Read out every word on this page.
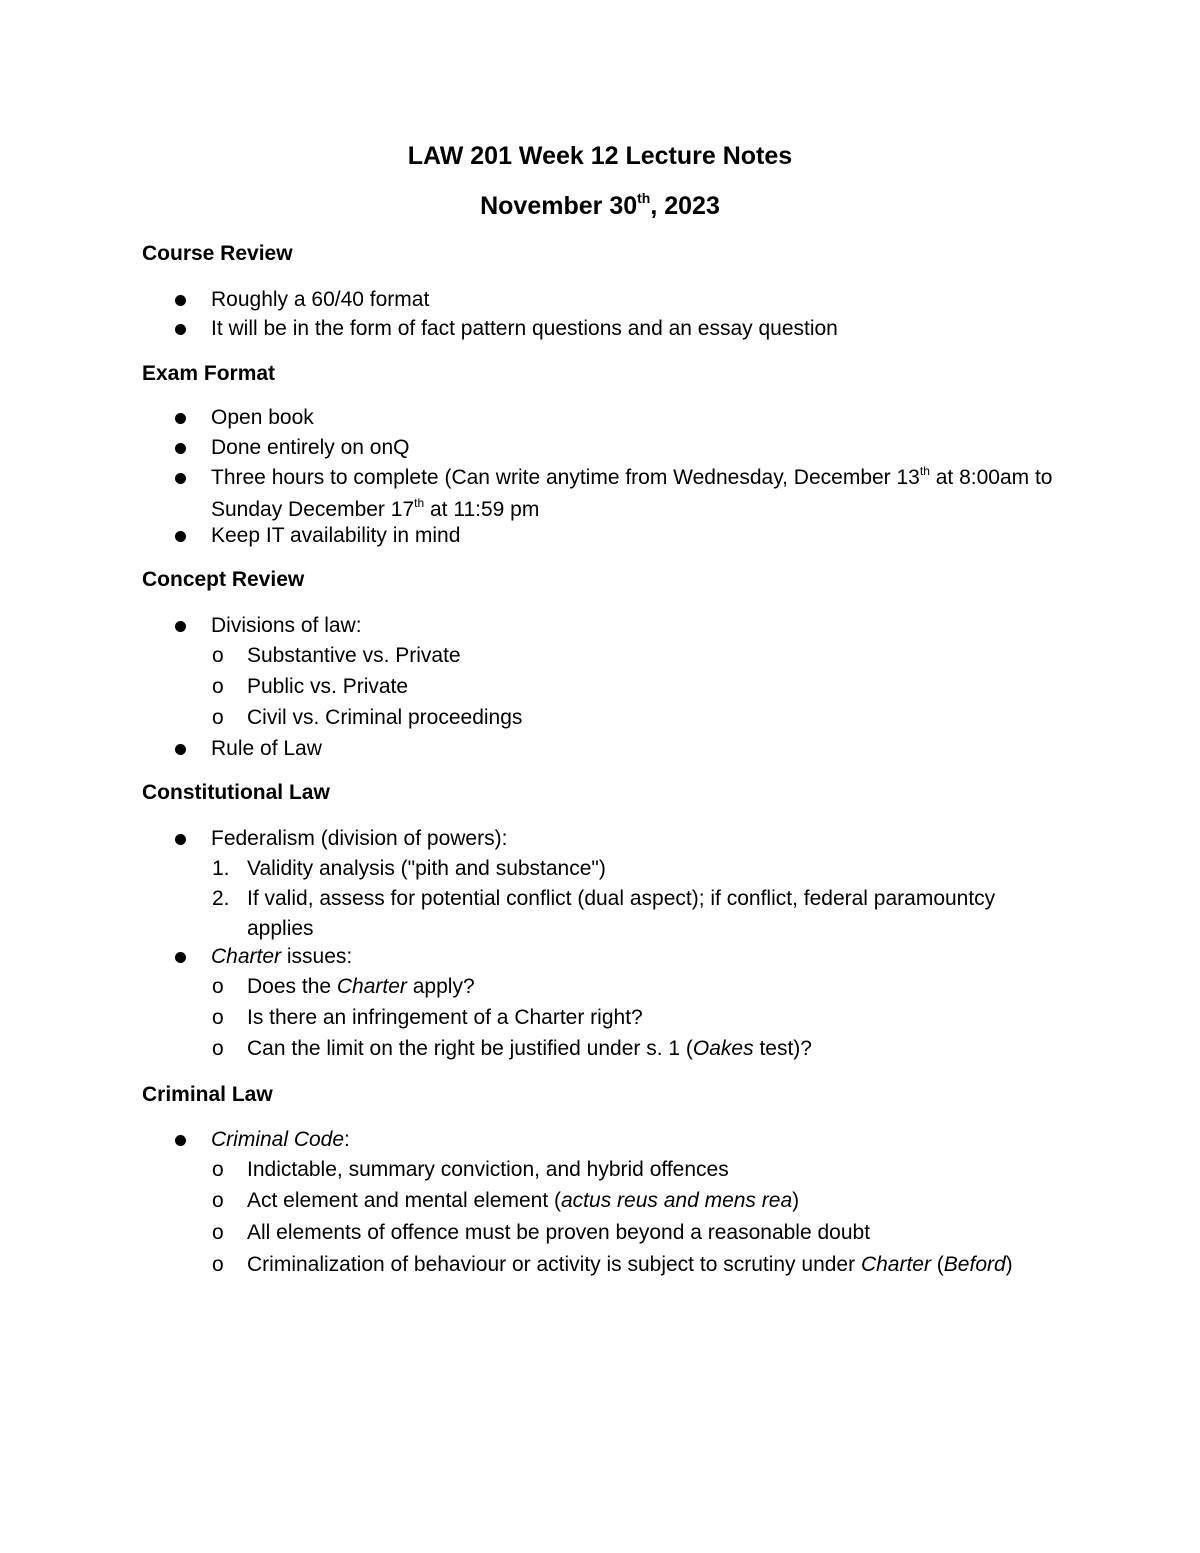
LAW 201 Week 12 Lecture Notes
November 30th, 2023
Course Review

Roughly a 60/40 format

It will be in the form of fact pattern questions and an essay question

Exam Format

Open book

Done entirely on onQ

Three hours to complete (Can write anytime from Wednesday, December 13th at 8:00am to Sunday December 17th at 11:59 pm

Keep IT availability in mind

Concept Review

Divisions of law:

o Substantive vs. Private

o Public vs. Private

o Civil vs. Criminal proceedings

Rule of Law

Constitutional Law

Federalism (division of powers):

1. Validity analysis ("pith and substance")

2. If valid, assess for potential conflict (dual aspect); if conflict, federal paramountcy applies

Charter issues:

o Does the Charter apply?

o Is there an infringement of a Charter right?

o Can the limit on the right be justified under s. 1 (Oakes test)?

Criminal Law

Criminal Code:

o Indictable, summary conviction, and hybrid offences

o Act element and mental element (actus reus and mens rea)

o All elements of offence must be proven beyond a reasonable doubt

o Criminalization of behaviour or activity is subject to scrutiny under Charter (Beford)
